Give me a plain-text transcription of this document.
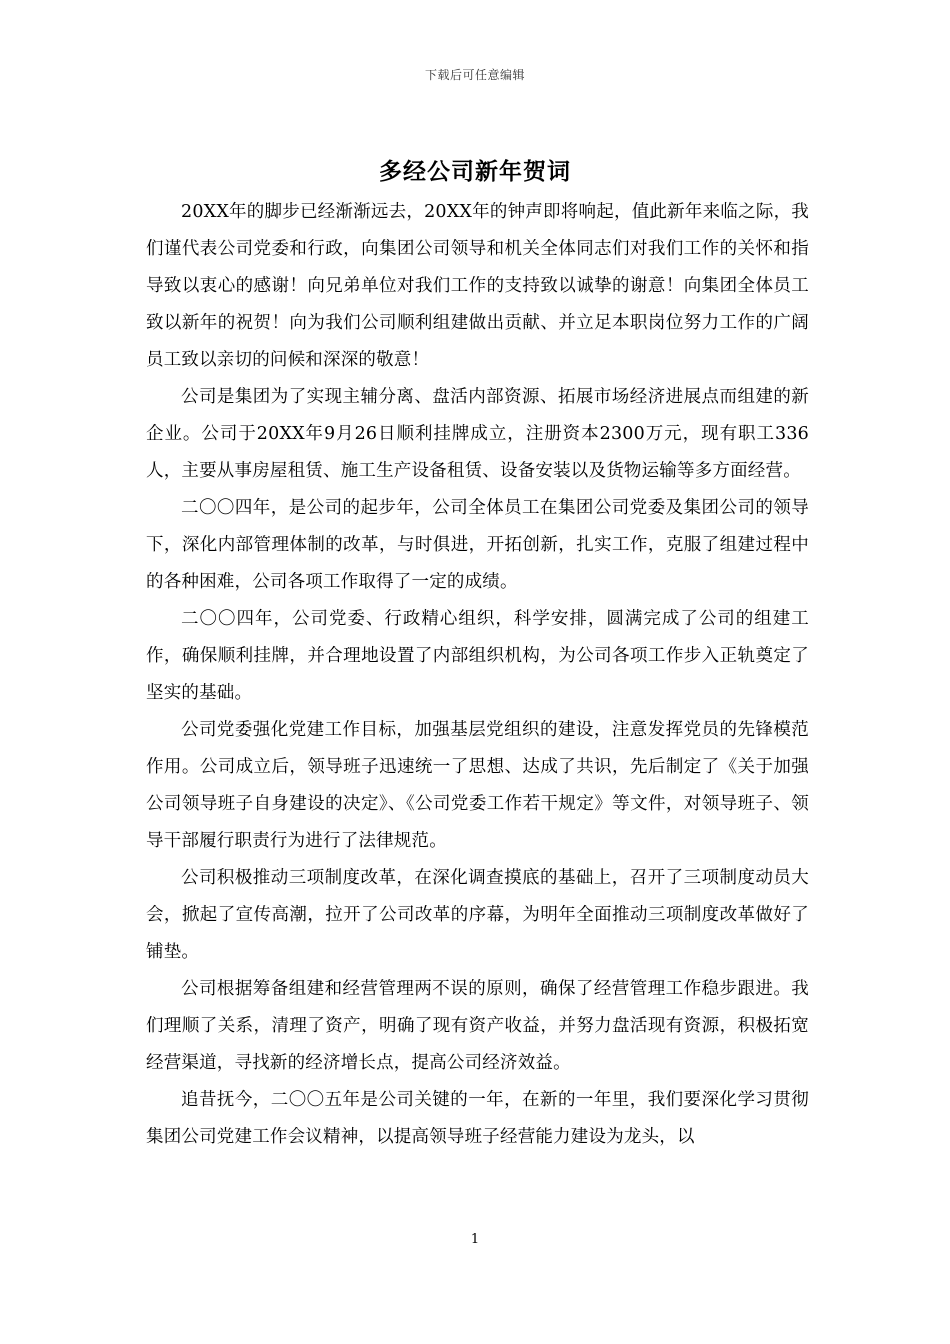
下载后可任意编辑
多经公司新年贺词

20XX年的脚步已经渐渐远去，20XX年的钟声即将响起，值此新年来临之际，我们谨代表公司党委和行政，向集团公司领导和机关全体同志们对我们工作的关怀和指导致以衷心的感谢！向兄弟单位对我们工作的支持致以诚挚的谢意！向集团全体员工致以新年的祝贺！向为我们公司顺利组建做出贡献、并立足本职岗位努力工作的广阔员工致以亲切的问候和深深的敬意！

公司是集团为了实现主辅分离、盘活内部资源、拓展市场经济进展点而组建的新企业。公司于20XX年9月26日顺利挂牌成立，注册资本2300万元，现有职工336人，主要从事房屋租赁、施工生产设备租赁、设备安装以及货物运输等多方面经营。

二〇〇四年，是公司的起步年，公司全体员工在集团公司党委及集团公司的领导下，深化内部管理体制的改革，与时俱进，开拓创新，扎实工作，克服了组建过程中的各种困难，公司各项工作取得了一定的成绩。

二〇〇四年，公司党委、行政精心组织，科学安排，圆满完成了公司的组建工作，确保顺利挂牌，并合理地设置了内部组织机构，为公司各项工作步入正轨奠定了坚实的基础。

公司党委强化党建工作目标，加强基层党组织的建设，注意发挥党员的先锋模范作用。公司成立后，领导班子迅速统一了思想、达成了共识，先后制定了《关于加强公司领导班子自身建设的决定》、《公司党委工作若干规定》等文件，对领导班子、领导干部履行职责行为进行了法律规范。

公司积极推动三项制度改革，在深化调查摸底的基础上，召开了三项制度动员大会，掀起了宣传高潮，拉开了公司改革的序幕，为明年全面推动三项制度改革做好了铺垫。

公司根据筹备组建和经营管理两不误的原则，确保了经营管理工作稳步跟进。我们理顺了关系，清理了资产，明确了现有资产收益，并努力盘活现有资源，积极拓宽经营渠道，寻找新的经济增长点，提高公司经济效益。

追昔抚今，二〇〇五年是公司关键的一年，在新的一年里，我们要深化学习贯彻集团公司党建工作会议精神，以提高领导班子经营能力建设为龙头，以

1
